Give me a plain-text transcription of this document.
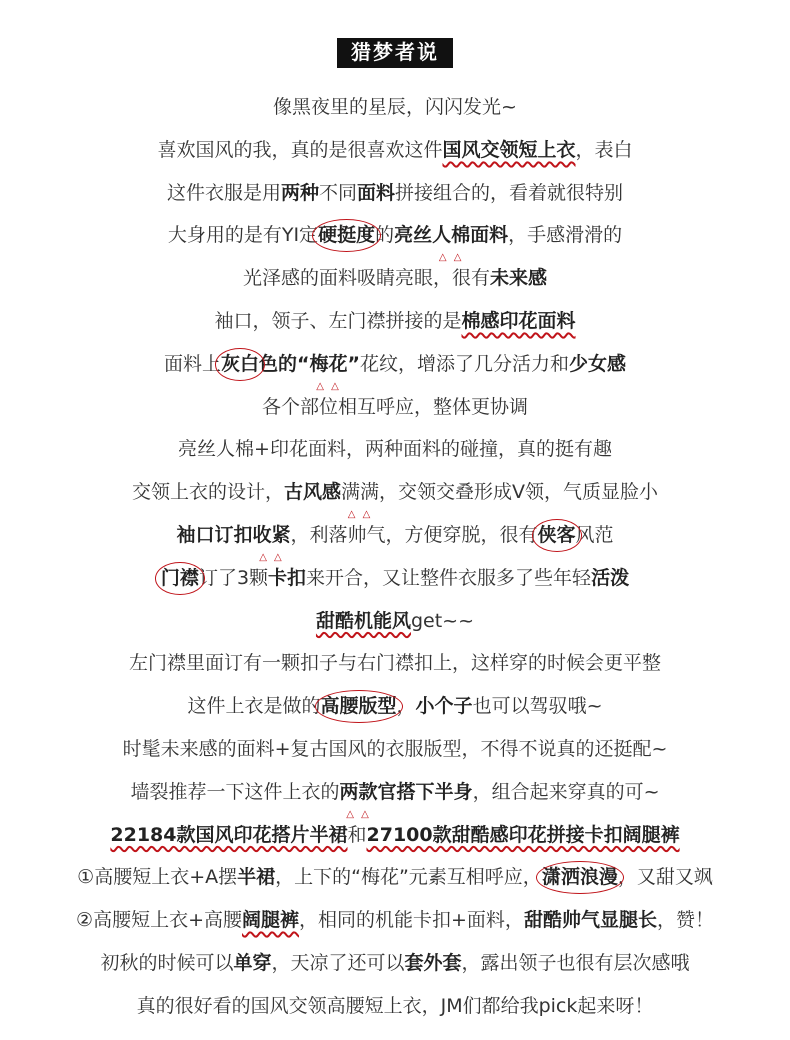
猎梦者说
像黑夜里的星辰，闪闪发光~
喜欢国风的我，真的是很喜欢这件国风交领短上衣，表白
这件衣服是用两种不同面料拼接组合的，看着就很特别
大身用的是有YI定硬挺度的亮丝人棉 △ △面料，手感滑滑的
光泽感的面料吸睛亮眼，很有未来感
袖口，领子、左门襟拼接的是棉感印花面料
面料上灰白色的“梅花 △ △”花纹，增添了几分活力和少女感
各个部位相互呼应，整体更协调
亮丝人棉+印花面料，两种面料的碰撞，真的挺有趣
交领上衣的设计，古风感满满 △ △，交领交叠形成V领，气质显脸小
袖口订扣收紧 △ △，利落帅气，方便穿脱，很有侠客风范
门襟订了3颗卡扣来开合，又让整件衣服多了些年轻活泼
甜酷机能风get~~
左门襟里面订有一颗扣子与右门襟扣上，这样穿的时候会更平整
这件上衣是做的高腰版型，小个子也可以驾驭哦~
时髦未来感的面料+复古国风的衣服版型，不得不说真的还挺配~
墙裂推荐一下这件上衣的两款 △ △官搭下半身，组合起来穿真的可~
22184款国风印花搭片半裙和27100款甜酷感印花拼接卡扣阔腿裤
①高腰短上衣+A摆半裙，上下的“梅花”元素互相呼应，潇洒浪漫，又甜又飒
②高腰短上衣+高腰阔腿裤，相同的机能卡扣+面料，甜酷帅气显腿长，赞！
初秋的时候可以单穿，天凉了还可以套外套，露出领子也很有层次感哦
真的很好看的国风交领高腰短上衣，JM们都给我pick起来呀！
